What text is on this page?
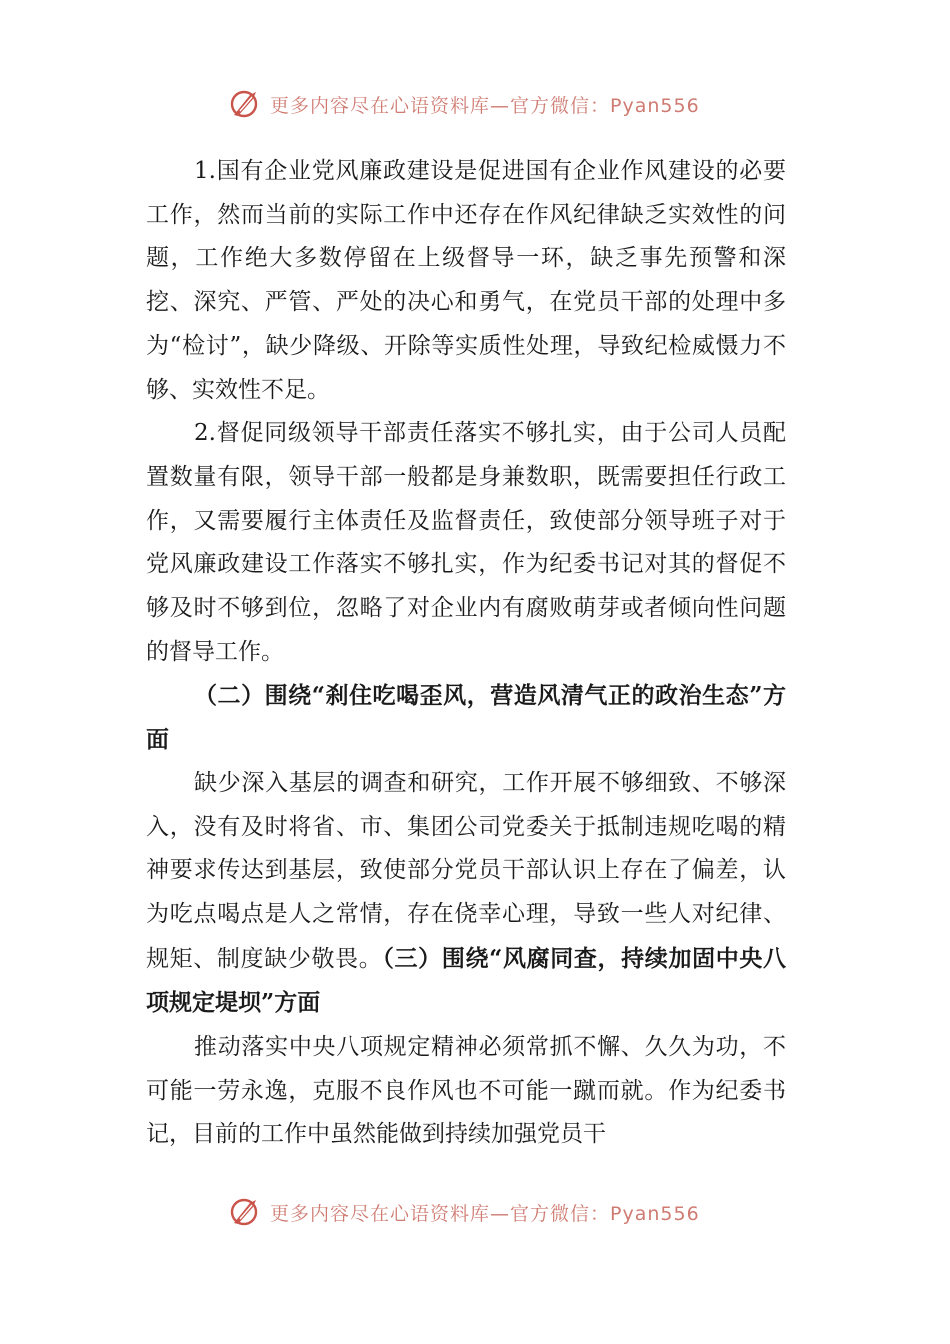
更多内容尽在心语资料库—官方微信：Pyan556

1.国有企业党风廉政建设是促进国有企业作风建设的必要工作，然而当前的实际工作中还存在作风纪律缺乏实效性的问题，工作绝大多数停留在上级督导一环，缺乏事先预警和深挖、深究、严管、严处的决心和勇气，在党员干部的处理中多为“检讨”，缺少降级、开除等实质性处理，导致纪检威慑力不够、实效性不足。

2.督促同级领导干部责任落实不够扎实，由于公司人员配置数量有限，领导干部一般都是身兼数职，既需要担任行政工作，又需要履行主体责任及监督责任，致使部分领导班子对于党风廉政建设工作落实不够扎实，作为纪委书记对其的督促不够及时不够到位，忽略了对企业内有腐败萌芽或者倾向性问题的督导工作。

（二）围绕“刹住吃喝歪风，营造风清气正的政治生态”方面

缺少深入基层的调查和研究，工作开展不够细致、不够深入，没有及时将省、市、集团公司党委关于抵制违规吃喝的精神要求传达到基层，致使部分党员干部认识上存在了偏差，认为吃点喝点是人之常情，存在侥幸心理，导致一些人对纪律、规矩、制度缺少敬畏。（三）围绕“风腐同查，持续加固中央八项规定堤坝”方面

推动落实中央八项规定精神必须常抓不懈、久久为功，不可能一劳永逸，克服不良作风也不可能一蹴而就。作为纪委书记，目前的工作中虽然能做到持续加强党员干

更多内容尽在心语资料库—官方微信：Pyan556
